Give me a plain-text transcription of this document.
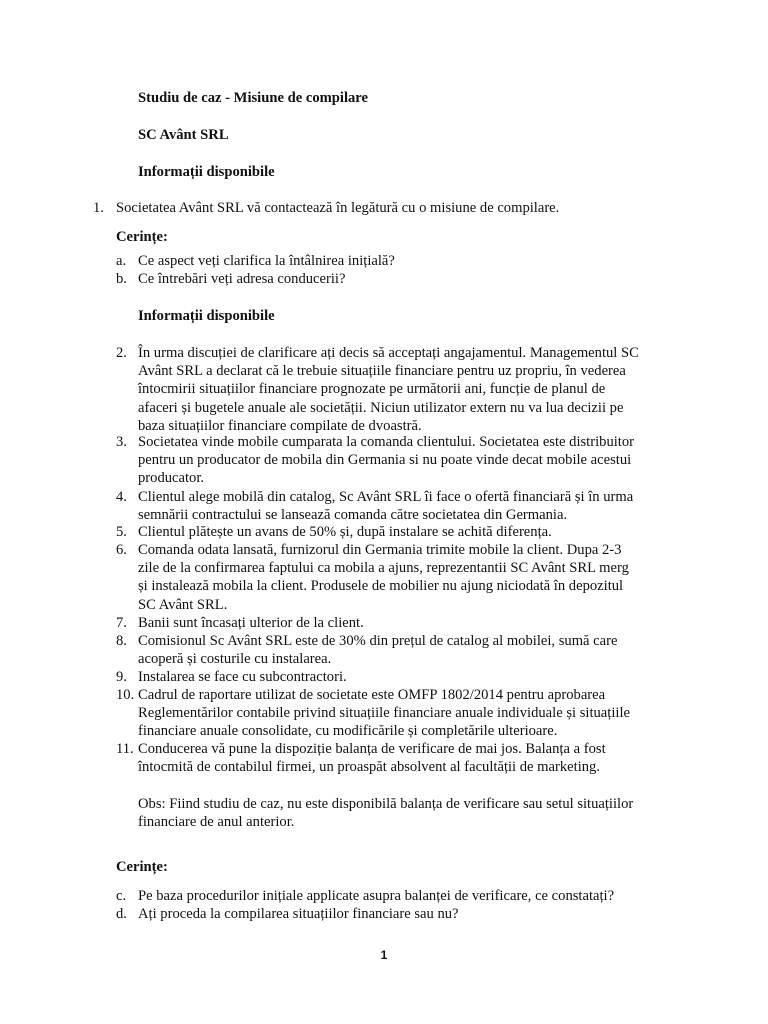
Studiu de caz - Misiune de compilare

SC Avânt SRL

Informații disponibile

1. Societatea Avânt SRL vă contactează în legătură cu o misiune de compilare.

Cerințe:

a. Ce aspect veți clarifica la întâlnirea inițială?
b. Ce întrebări veți adresa conducerii?

Informații disponibile

2. În urma discuției de clarificare ați decis să acceptați angajamentul. Managementul SC
Avânt SRL a declarat că le trebuie situațiile financiare pentru uz propriu, în vederea
întocmirii situațiilor financiare prognozate pe următorii ani, funcție de planul de
afaceri și bugetele anuale ale societății. Niciun utilizator extern nu va lua decizii pe
baza situațiilor financiare compilate de dvoastră.
3. Societatea vinde mobile cumparata la comanda clientului. Societatea este distribuitor
pentru un producator de mobila din Germania si nu poate vinde decat mobile acestui
producator.
4. Clientul alege mobilă din catalog, Sc Avânt SRL îi face o ofertă financiară și în urma
semnării contractului se lansează comanda către societatea din Germania.
5. Clientul plătește un avans de 50% și, după instalare se achită diferența.
6. Comanda odata lansată, furnizorul din Germania trimite mobile la client. Dupa 2-3
zile de la confirmarea faptului ca mobila a ajuns, reprezentantii SC Avânt SRL merg
și instalează mobila la client. Produsele de mobilier nu ajung niciodată în depozitul
SC Avânt SRL.
7. Banii sunt încasați ulterior de la client.
8. Comisionul Sc Avânt SRL este de 30% din prețul de catalog al mobilei, sumă care
acoperă și costurile cu instalarea.
9. Instalarea se face cu subcontractori.
10. Cadrul de raportare utilizat de societate este OMFP 1802/2014 pentru aprobarea
Reglementărilor contabile privind situațiile financiare anuale individuale și situațiile
financiare anuale consolidate, cu modificările și completările ulterioare.
11. Conducerea vă pune la dispoziție balanța de verificare de mai jos. Balanța a fost
întocmită de contabilul firmei, un proaspăt absolvent al facultății de marketing.
Obs: Fiind studiu de caz, nu este disponibilă balanța de verificare sau setul situațiilor
financiare de anul anterior.

Cerințe:

c. Pe baza procedurilor inițiale applicate asupra balanței de verificare, ce constatați?
d. Ați proceda la compilarea situațiilor financiare sau nu?
1
